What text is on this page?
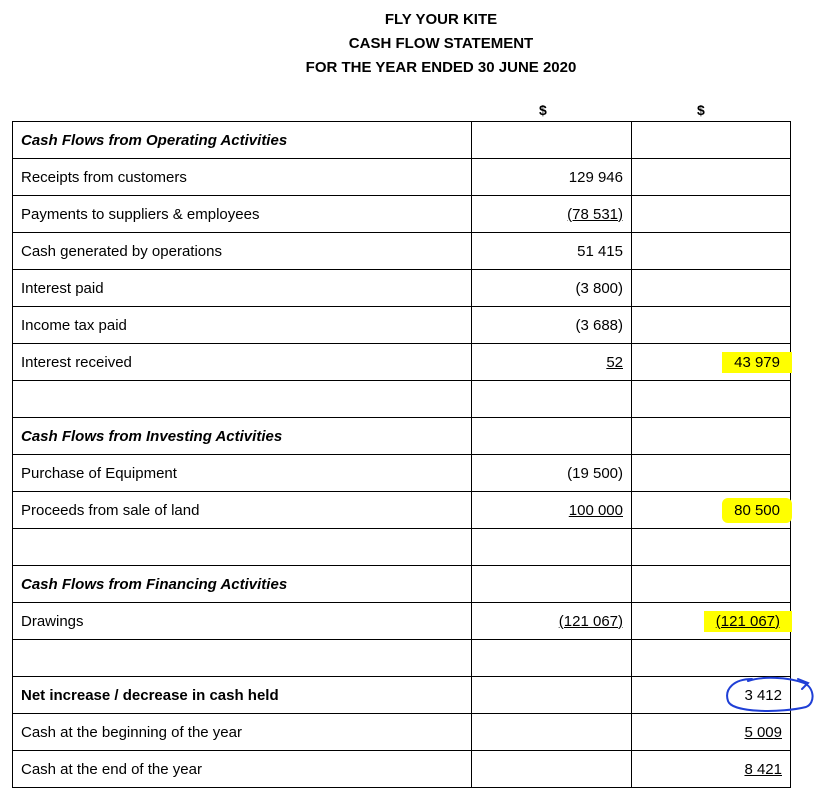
FLY YOUR KITE
CASH FLOW STATEMENT
FOR THE YEAR ENDED 30 JUNE 2020
$	$
Cash Flows from Operating Activities		
Receipts from customers	129 946	
Payments to suppliers & employees	(78 531)	
Cash generated by operations	51 415	
Interest paid	(3 800)	
Income tax paid	(3 688)	
Interest received	52	43 979

Cash Flows from Investing Activities		
Purchase of Equipment	(19 500)	
Proceeds from sale of land	100 000	80 500

Cash Flows from Financing Activities		
Drawings	(121 067)	(121 067)

Net increase / decrease in cash held		3 412
Cash at the beginning of the year		5 009
Cash at the end of the year		8 421
